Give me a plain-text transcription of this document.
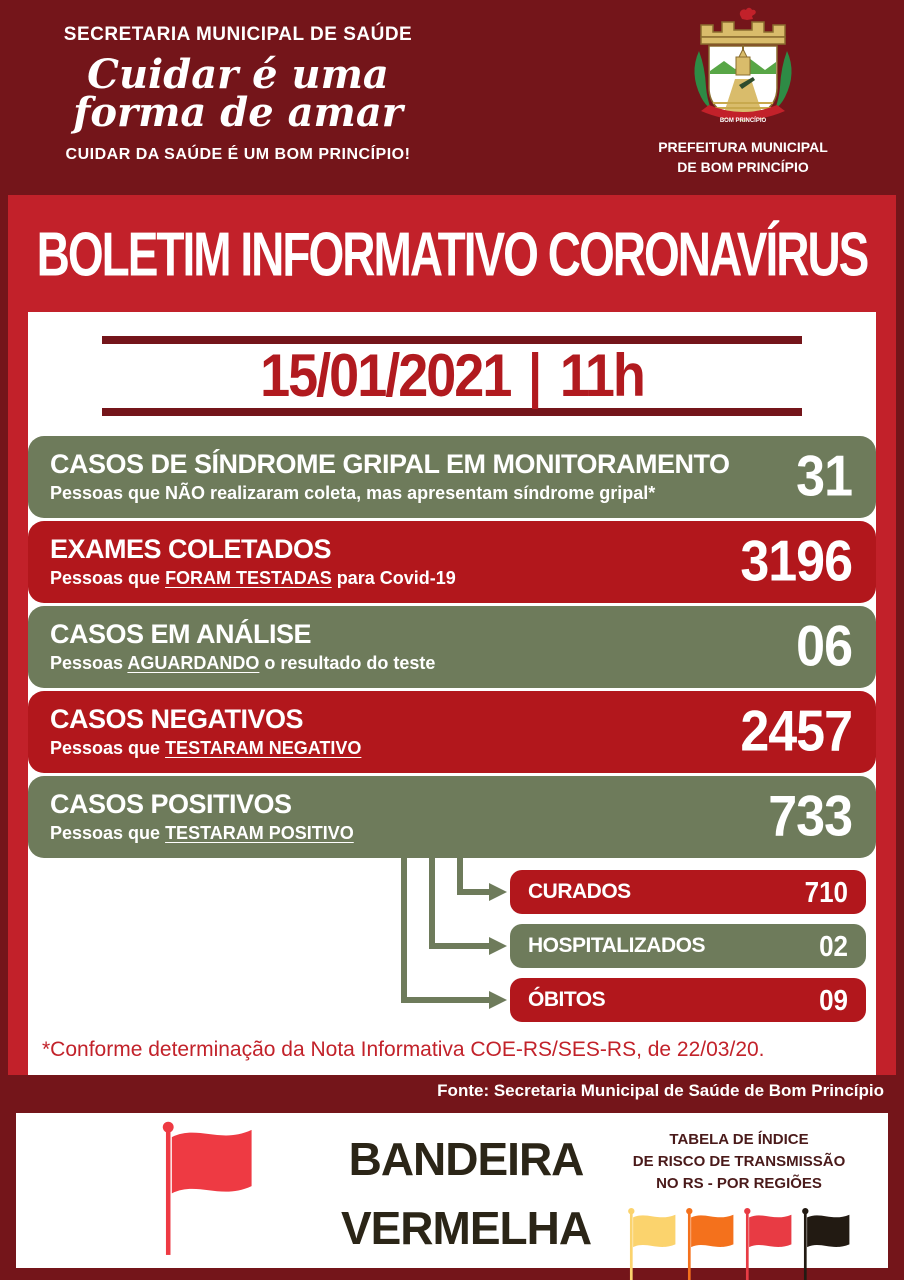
SECRETARIA MUNICIPAL DE SAÚDE
Cuidar é uma
forma de amar
CUIDAR DA SAÚDE É UM BOM PRINCÍPIO!
BOM PRINCÍPIO
PREFEITURA MUNICIPAL
DE BOM PRINCÍPIO
BOLETIM INFORMATIVO CORONAVÍRUS
15/01/2021 | 11h
CASOS DE SÍNDROME GRIPAL EM MONITORAMENTO
Pessoas que NÃO realizaram coleta, mas apresentam síndrome gripal*	31
EXAMES COLETADOS
Pessoas que FORAM TESTADAS para Covid-19	3196
CASOS EM ANÁLISE
Pessoas AGUARDANDO o resultado do teste	06
CASOS NEGATIVOS
Pessoas que TESTARAM NEGATIVO	2457
CASOS POSITIVOS
Pessoas que TESTARAM POSITIVO	733
CURADOS	710
HOSPITALIZADOS	02
ÓBITOS	09
*Conforme determinação da Nota Informativa COE-RS/SES-RS, de 22/03/20.
Fonte: Secretaria Municipal de Saúde de Bom Princípio
BANDEIRA
VERMELHA
TABELA DE ÍNDICE
DE RISCO DE TRANSMISSÃO
NO RS - POR REGIÕES
